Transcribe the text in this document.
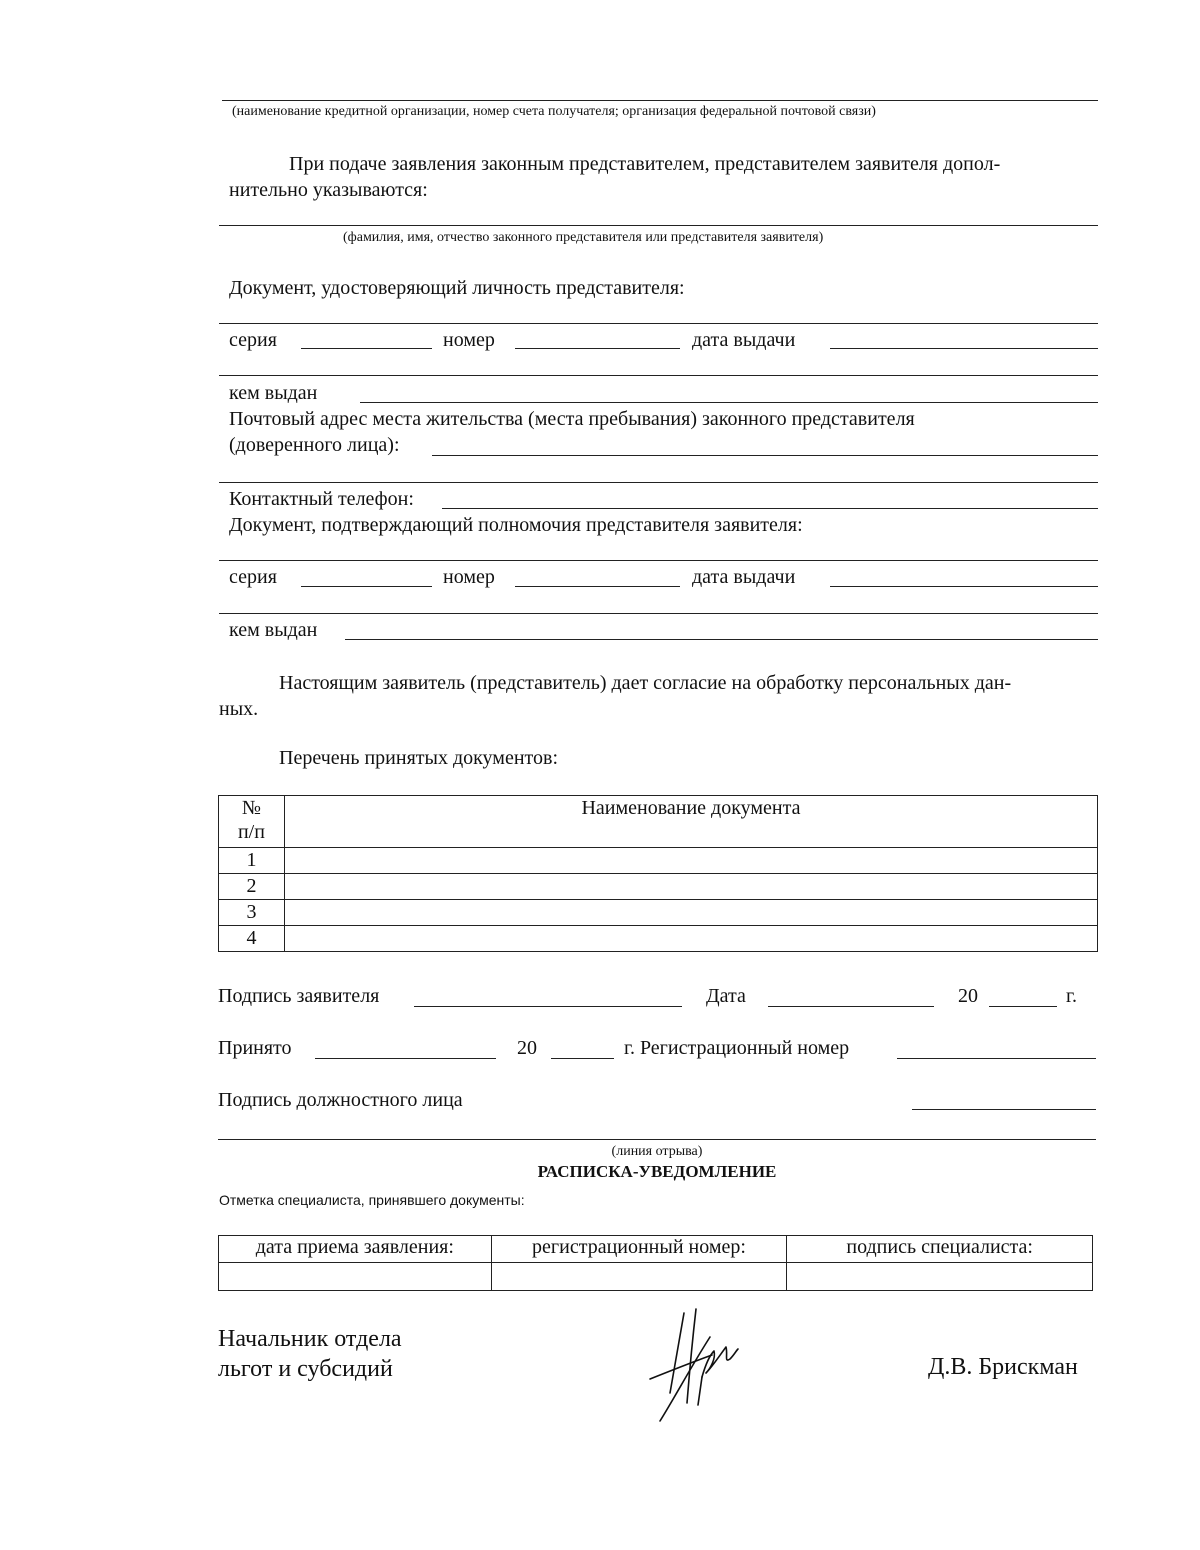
(наименование кредитной организации, номер счета получателя; организация федеральной почтовой связи)
При подаче заявления законным представителем, представителем заявителя допол-
нительно указываются:
(фамилия, имя, отчество законного представителя или представителя заявителя)
Документ, удостоверяющий личность представителя:
серия	номер	дата выдачи
кем выдан
Почтовый адрес места жительства (места пребывания) законного представителя
(доверенного лица):
Контактный телефон:
Документ, подтверждающий полномочия представителя заявителя:
серия	номер	дата выдачи
кем выдан
Настоящим заявитель (представитель) дает согласие на обработку персональных дан-
ных.
Перечень принятых документов:
№
п/п	Наименование документа
1	
2	
3	
4	
Подпись заявителя	Дата	20	г.
Принято	20	г. Регистрационный номер
Подпись должностного лица
(линия отрыва)
РАСПИСКА-УВЕДОМЛЕНИЕ
Отметка специалиста, принявшего документы:
дата приема заявления:	регистрационный номер:	подпись специалиста:

Начальник отдела
льгот и субсидий	Д.В. Брискман
